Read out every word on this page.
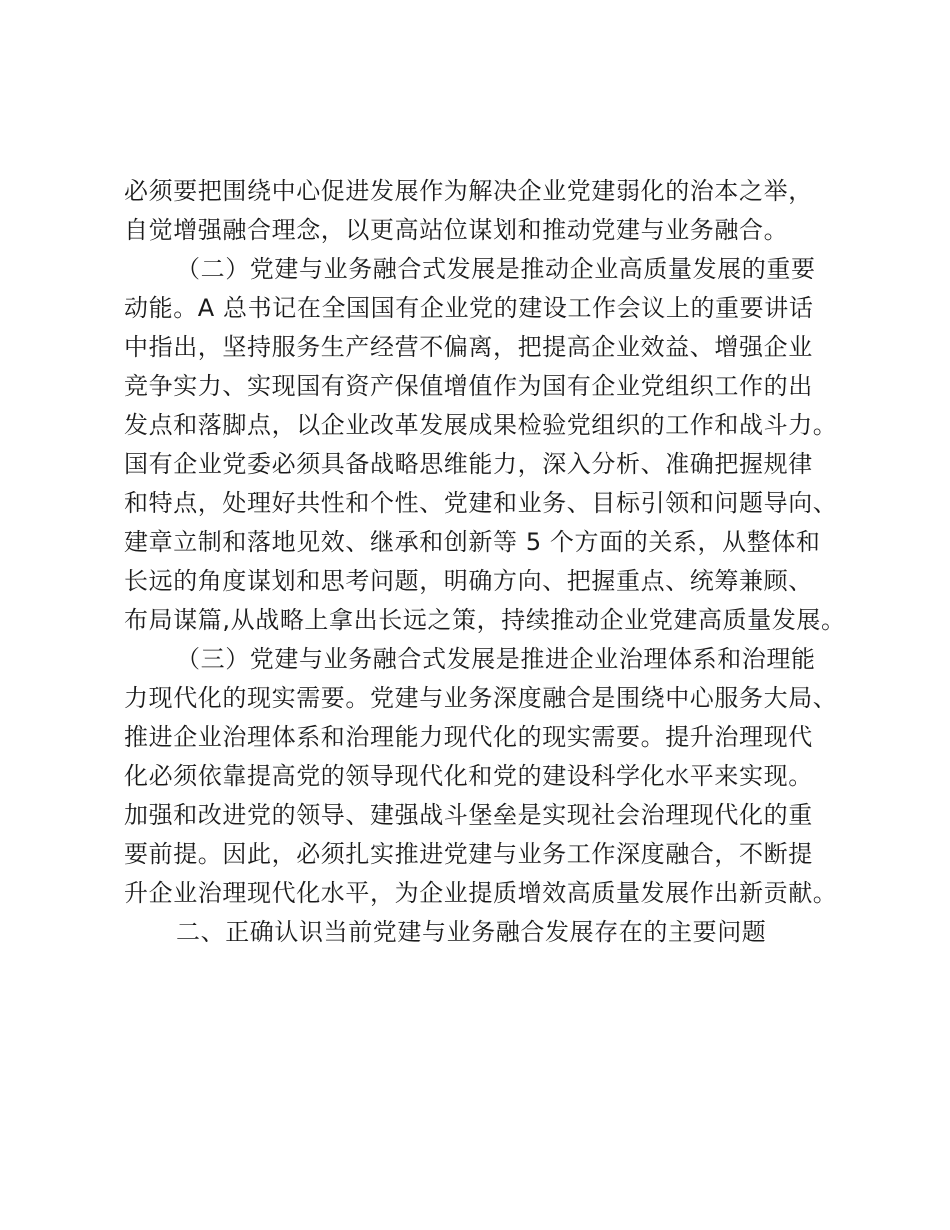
必须要把围绕中心促进发展作为解决企业党建弱化的治本之举，
自觉增强融合理念，以更高站位谋划和推动党建与业务融合。
（二）党建与业务融合式发展是推动企业高质量发展的重要
动能。A 总书记在全国国有企业党的建设工作会议上的重要讲话
中指出，坚持服务生产经营不偏离，把提高企业效益、增强企业
竞争实力、实现国有资产保值增值作为国有企业党组织工作的出
发点和落脚点，以企业改革发展成果检验党组织的工作和战斗力。
国有企业党委必须具备战略思维能力，深入分析、准确把握规律
和特点，处理好共性和个性、党建和业务、目标引领和问题导向、
建章立制和落地见效、继承和创新等 5 个方面的关系，从整体和
长远的角度谋划和思考问题，明确方向、把握重点、统筹兼顾、
布局谋篇,从战略上拿出长远之策，持续推动企业党建高质量发展。
（三）党建与业务融合式发展是推进企业治理体系和治理能
力现代化的现实需要。党建与业务深度融合是围绕中心服务大局、
推进企业治理体系和治理能力现代化的现实需要。提升治理现代
化必须依靠提高党的领导现代化和党的建设科学化水平来实现。
加强和改进党的领导、建强战斗堡垒是实现社会治理现代化的重
要前提。因此，必须扎实推进党建与业务工作深度融合，不断提
升企业治理现代化水平，为企业提质增效高质量发展作出新贡献。
二、正确认识当前党建与业务融合发展存在的主要问题
